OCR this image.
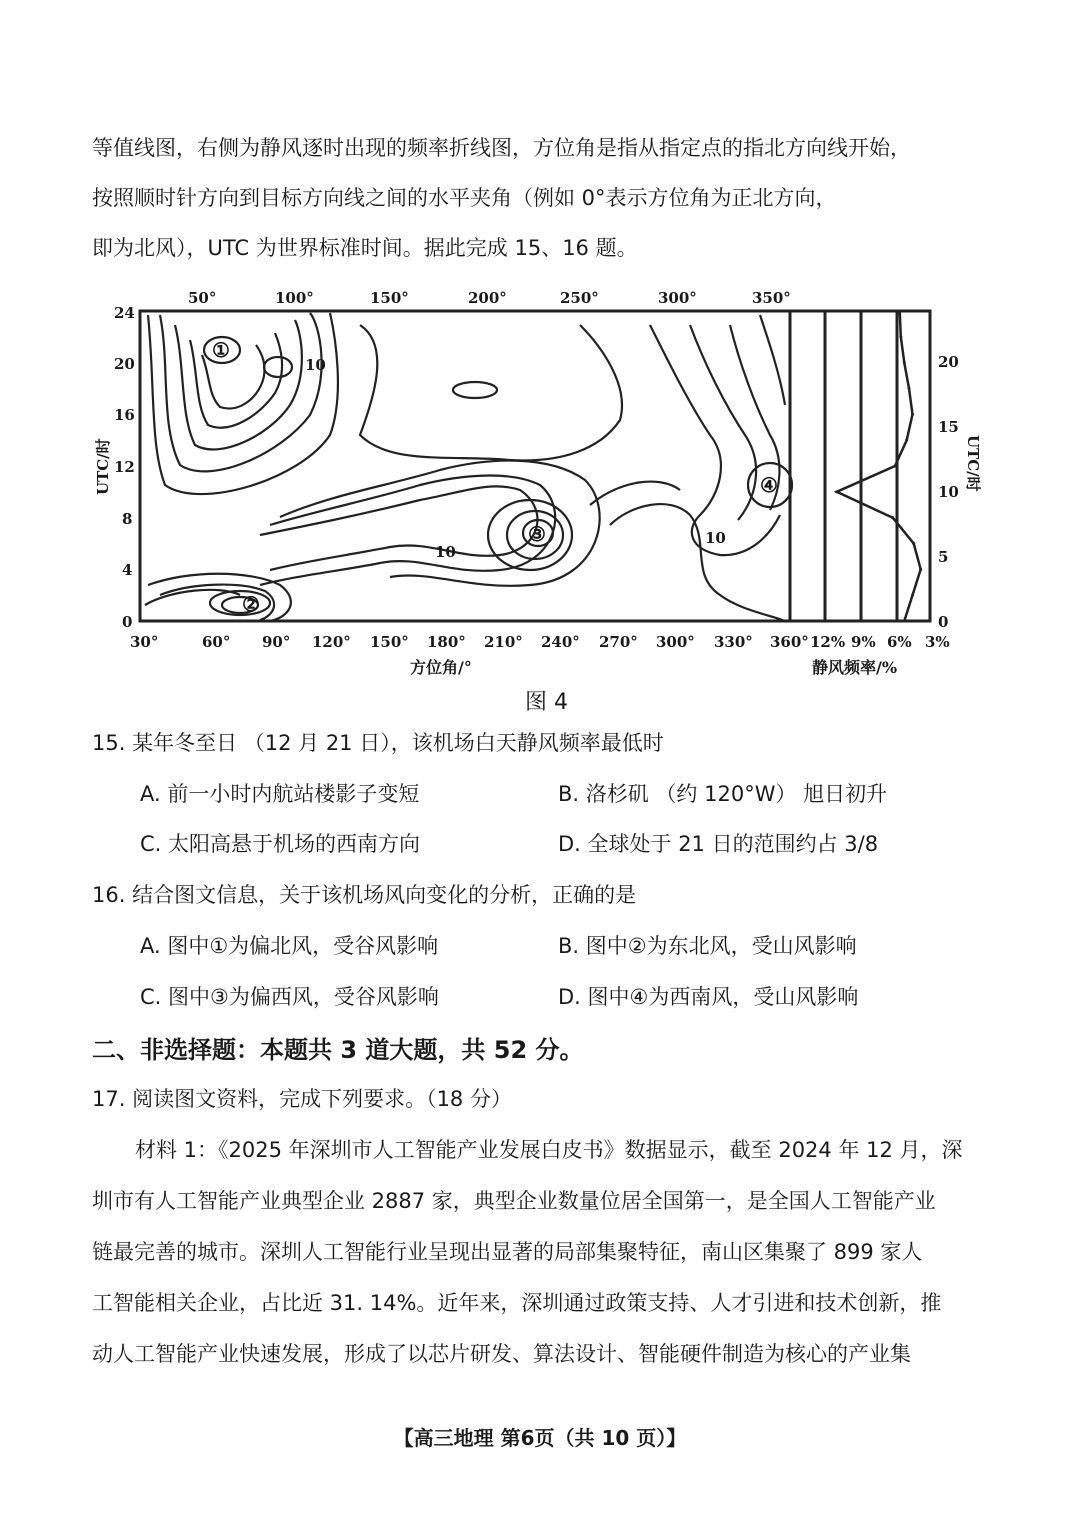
等值线图，右侧为静风逐时出现的频率折线图，方位角是指从指定点的指北方向线开始，
按照顺时针方向到目标方向线之间的水平夹角（例如 0°表示方位角为正北方向，
即为北风），UTC 为世界标准时间。据此完成 15、16 题。
10
10
10
①
②
③
④
50°	100°	150°	200°	250°	300°	350°
30°	60° 90° 120° 150° 180° 210° 240° 270° 300° 330° 360°
0
4
8
12
16
20
24
UTC/时
0
5
10
15
20
UTC/时
12% 9% 6% 3%
方位角/°	静风频率/%
图 4
15. 某年冬至日 （12 月 21 日），该机场白天静风频率最低时
A. 前一小时内航站楼影子变短	B. 洛杉矶 （约 120°W） 旭日初升
C. 太阳高悬于机场的西南方向	D. 全球处于 21 日的范围约占 3/8
16. 结合图文信息，关于该机场风向变化的分析，正确的是
A. 图中①为偏北风，受谷风影响	B. 图中②为东北风，受山风影响
C. 图中③为偏西风，受谷风影响	D. 图中④为西南风，受山风影响
二、非选择题：本题共 3 道大题，共 52 分。
17. 阅读图文资料，完成下列要求。（18 分）
材料 1：《2025 年深圳市人工智能产业发展白皮书》数据显示，截至 2024 年 12 月，深
圳市有人工智能产业典型企业 2887 家，典型企业数量位居全国第一，是全国人工智能产业
链最完善的城市。深圳人工智能行业呈现出显著的局部集聚特征，南山区集聚了 899 家人
工智能相关企业，占比近 31. 14%。近年来，深圳通过政策支持、人才引进和技术创新，推
动人工智能产业快速发展，形成了以芯片研发、算法设计、智能硬件制造为核心的产业集
【高三地理 第6页（共 10 页）】
